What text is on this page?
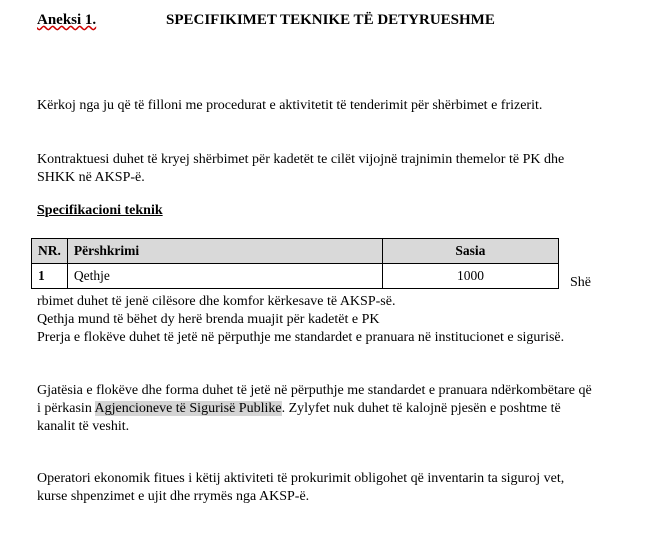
Aneksi 1.	SPECIFIKIMET TEKNIKE TË DETYRUESHME
Kërkoj nga ju që të filloni me procedurat e aktivitetit të tenderimit për shërbimet e frizerit.
Kontraktuesi duhet të kryej shërbimet për kadetët te cilët vijojnë trajnimin themelor të PK dhe SHKK në AKSP-ë.
Specifikacioni teknik
NR.	Përshkrimi	Sasia
1	Qethje	1000	Shë
rbimet duhet të jenë cilësore dhe komfor kërkesave të AKSP-së.
Qethja mund të bëhet dy herë brenda muajit për kadetët e PK
Prerja e flokëve duhet të jetë në përputhje me standardet e pranuara në institucionet e sigurisë.
Gjatësia e flokëve dhe forma duhet të jetë në përputhje me standardet e pranuara ndërkombëtare që i përkasin Agjencioneve të Sigurisë Publike. Zylyfet nuk duhet të kalojnë pjesën e poshtme të kanalit të veshit.
Operatori ekonomik fitues i këtij aktiviteti të prokurimit obligohet që inventarin ta siguroj vet, kurse shpenzimet e ujit dhe rrymës nga AKSP-ë.
